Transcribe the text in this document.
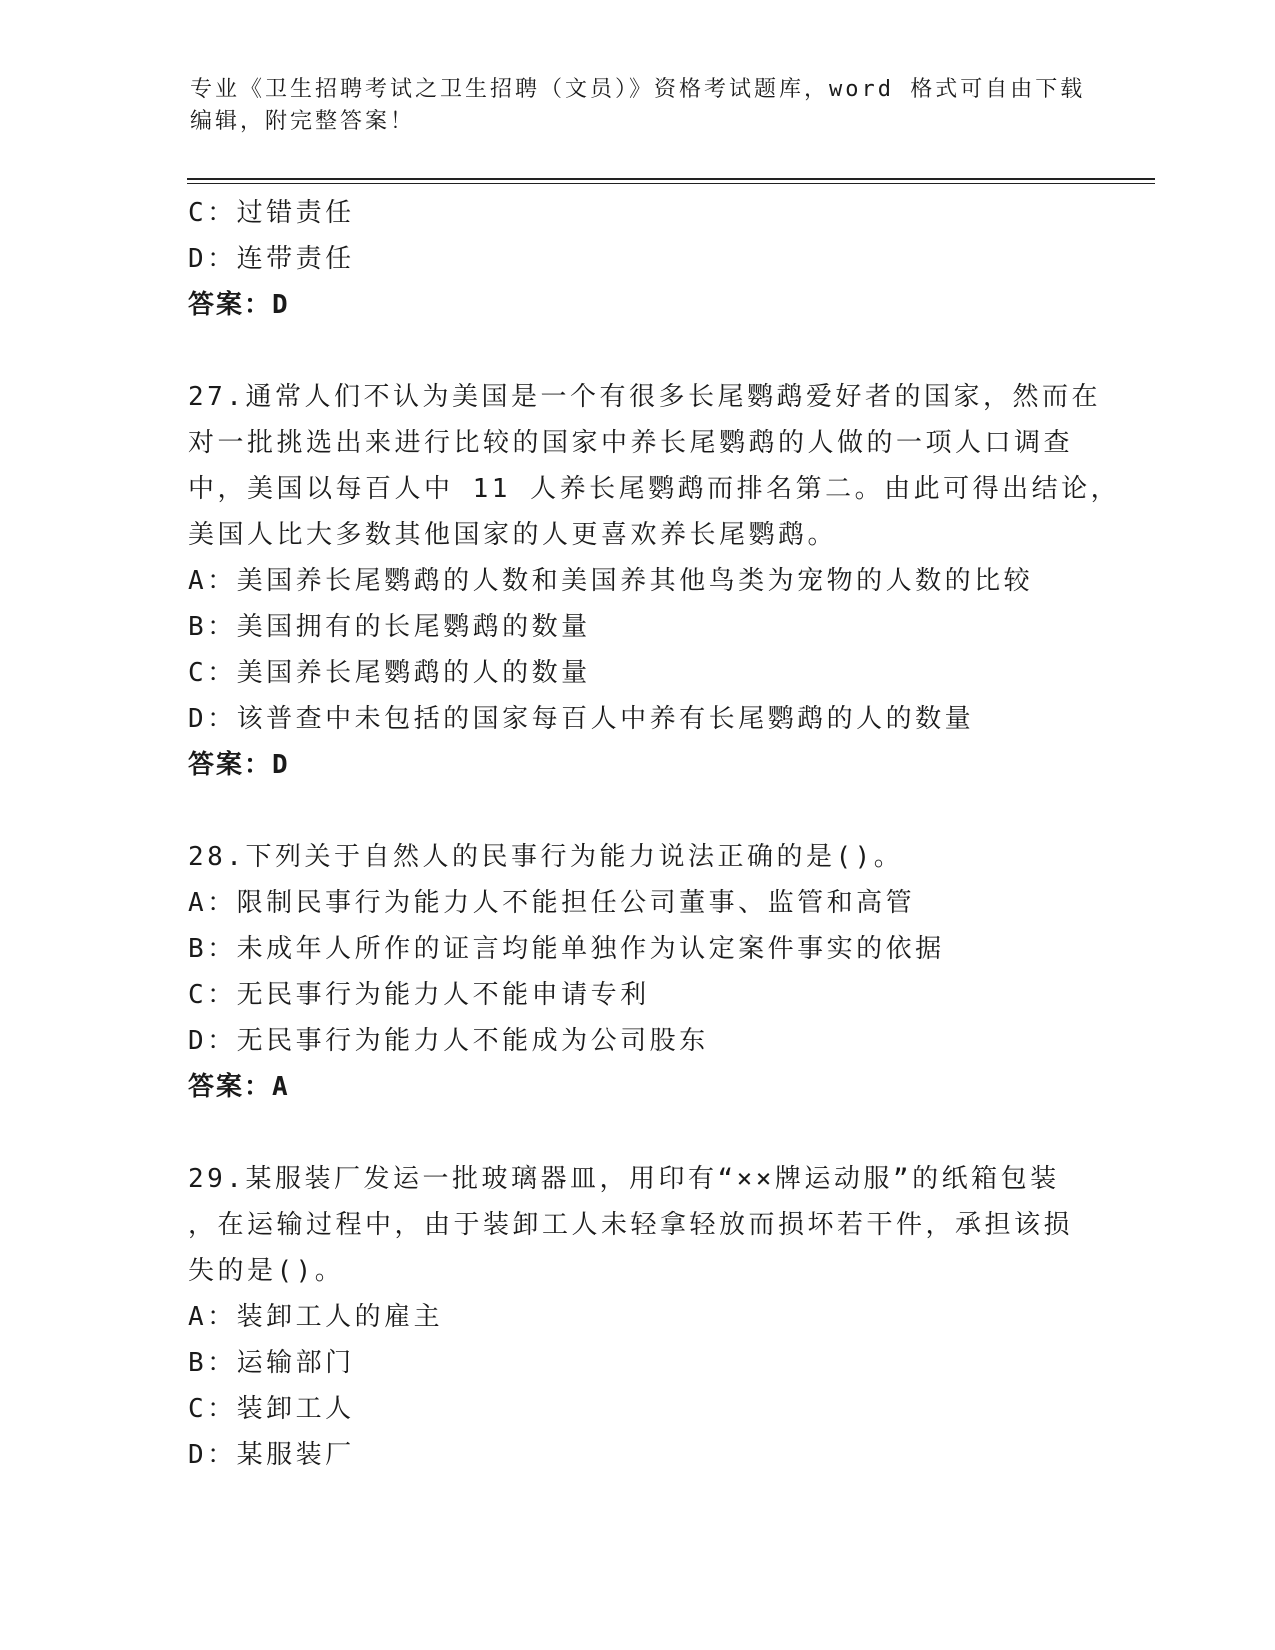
专业《卫生招聘考试之卫生招聘（文员）》资格考试题库，word 格式可自由下载
编辑，附完整答案！
C：过错责任
D：连带责任
答案：D
27.通常人们不认为美国是一个有很多长尾鹦鹉爱好者的国家，然而在
对一批挑选出来进行比较的国家中养长尾鹦鹉的人做的一项人口调查
中，美国以每百人中 11 人养长尾鹦鹉而排名第二。由此可得出结论，
美国人比大多数其他国家的人更喜欢养长尾鹦鹉。
A：美国养长尾鹦鹉的人数和美国养其他鸟类为宠物的人数的比较
B：美国拥有的长尾鹦鹉的数量
C：美国养长尾鹦鹉的人的数量
D：该普查中未包括的国家每百人中养有长尾鹦鹉的人的数量
答案：D
28.下列关于自然人的民事行为能力说法正确的是()。
A：限制民事行为能力人不能担任公司董事、监管和高管
B：未成年人所作的证言均能单独作为认定案件事实的依据
C：无民事行为能力人不能申请专利
D：无民事行为能力人不能成为公司股东
答案：A
29.某服装厂发运一批玻璃器皿，用印有“××牌运动服”的纸箱包装
，在运输过程中，由于装卸工人未轻拿轻放而损坏若干件，承担该损
失的是()。
A：装卸工人的雇主
B：运输部门
C：装卸工人
D：某服装厂
